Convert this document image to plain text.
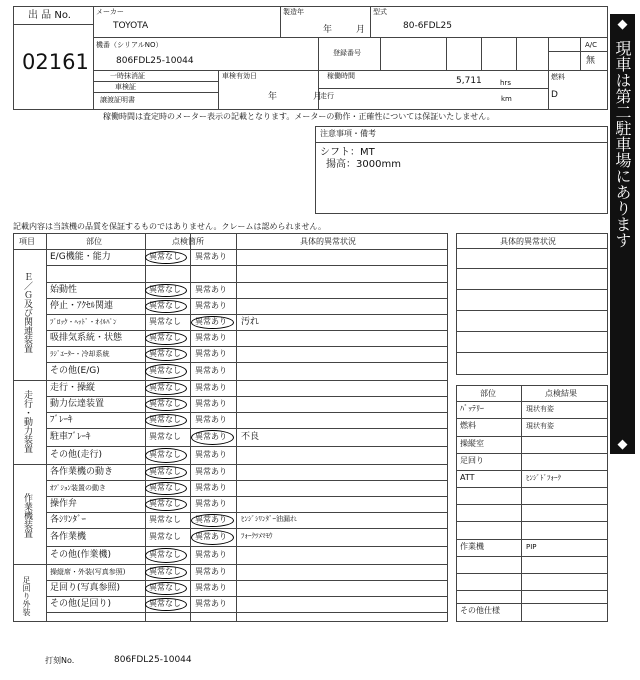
出 品 No.
02161
メーカー
TOYOTA
製造年
年	月
型式
80-6FDL25
機番（シリアルNO）
806FDL25-10044
登録番号
A/C
無
一時抹消証
車検証
譲渡証明書
車検有効日
年	月
稼働時間	5,711	hrs
走行	km
燃料
D
稼働時間は査定時のメーター表示の記載となります。メーターの動作・正確性については保証いたしません。
注意事項・備考
シフト：MT
揚高：3000mm
◆
現車は第二駐車場にあります
◆
記載内容は当該機の品質を保証するものではありません。クレームは認められません。
項目	部位	点検箇所	具体的異常状況
Ｅ／Ｇ及び関連装置
走行・動力装置
作業機装置
足回り外装
E/G機能・能力	異常なし 異常あり
始動性	異常なし 異常あり
停止・ｱｸｾﾙ関連	異常なし 異常あり
ﾌﾞﾛｯｸ・ﾍｯﾄﾞ・ｵｲﾙﾊﾟﾝ	異常なし 異常あり 汚れ
吸排気系統・状態	異常なし 異常あり
ﾗｼﾞｴｰﾀｰ・冷却系統	異常なし 異常あり
その他(E/G)	異常なし 異常あり
走行・操縦	異常なし 異常あり
動力伝達装置	異常なし 異常あり
ﾌﾞﾚｰｷ	異常なし 異常あり
駐車ﾌﾞﾚｰｷ	異常なし 異常あり 不良
その他(走行)	異常なし 異常あり
各作業機の動き	異常なし 異常あり
ｵﾌﾟｼｮﾝ装置の動き	異常なし 異常あり
操作弁	異常なし 異常あり
各ｼﾘﾝﾀﾞｰ	異常なし 異常あり ﾋﾝｼﾞｼﾘﾝﾀﾞｰ油漏れ
各作業機	異常なし 異常あり ﾌｫｰｸﾂﾒﾏﾓｳ
その他(作業機)	異常なし 異常あり
操縦席・外装(写真参照)	異常なし 異常あり
足回り(写真参照)	異常なし 異常あり
その他(足回り)	異常なし 異常あり
具体的異常状況
部位	点検結果
ﾊﾞｯﾃﾘｰ	現状有姿
燃料	現状有姿
操縦室
足回り
ATT	ﾋﾝｼﾞﾄﾞﾌｫｰｸ
作業機	PIP
その他仕様
打刻No.	806FDL25-10044
